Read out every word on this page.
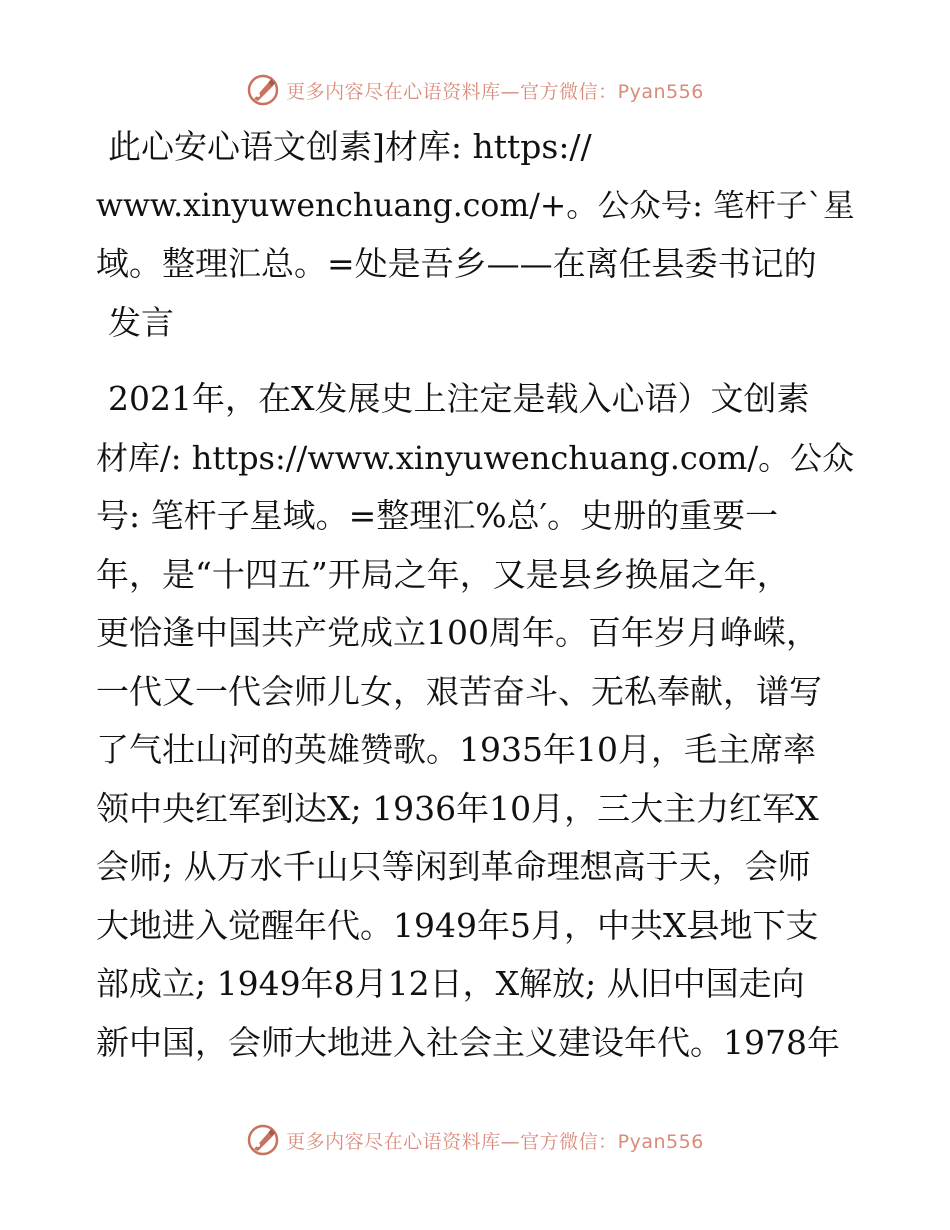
更多内容尽在心语资料库—官方微信：Pyan556
此心安心语文创素]材库: https://
www.xinyuwenchuang.com/+。公众号: 笔杆子`星
域。整理汇总。=处是吾乡——在离任县委书记的
发言
2021年，在X发展史上注定是载入心语）文创素
材库/: https://www.xinyuwenchuang.com/。公众
号: 笔杆子星域。=整理汇%总′。史册的重要一
年，是“十四五”开局之年，又是县乡换届之年，
更恰逢中国共产党成立100周年。百年岁月峥嵘，
一代又一代会师儿女，艰苦奋斗、无私奉献，谱写
了气壮山河的英雄赞歌。1935年10月，毛主席率
领中央红军到达X; 1936年10月，三大主力红军X
会师; 从万水千山只等闲到革命理想高于天，会师
大地进入觉醒年代。1949年5月，中共X县地下支
部成立; 1949年8月12日，X解放; 从旧中国走向
新中国，会师大地进入社会主义建设年代。1978年
更多内容尽在心语资料库—官方微信：Pyan556
